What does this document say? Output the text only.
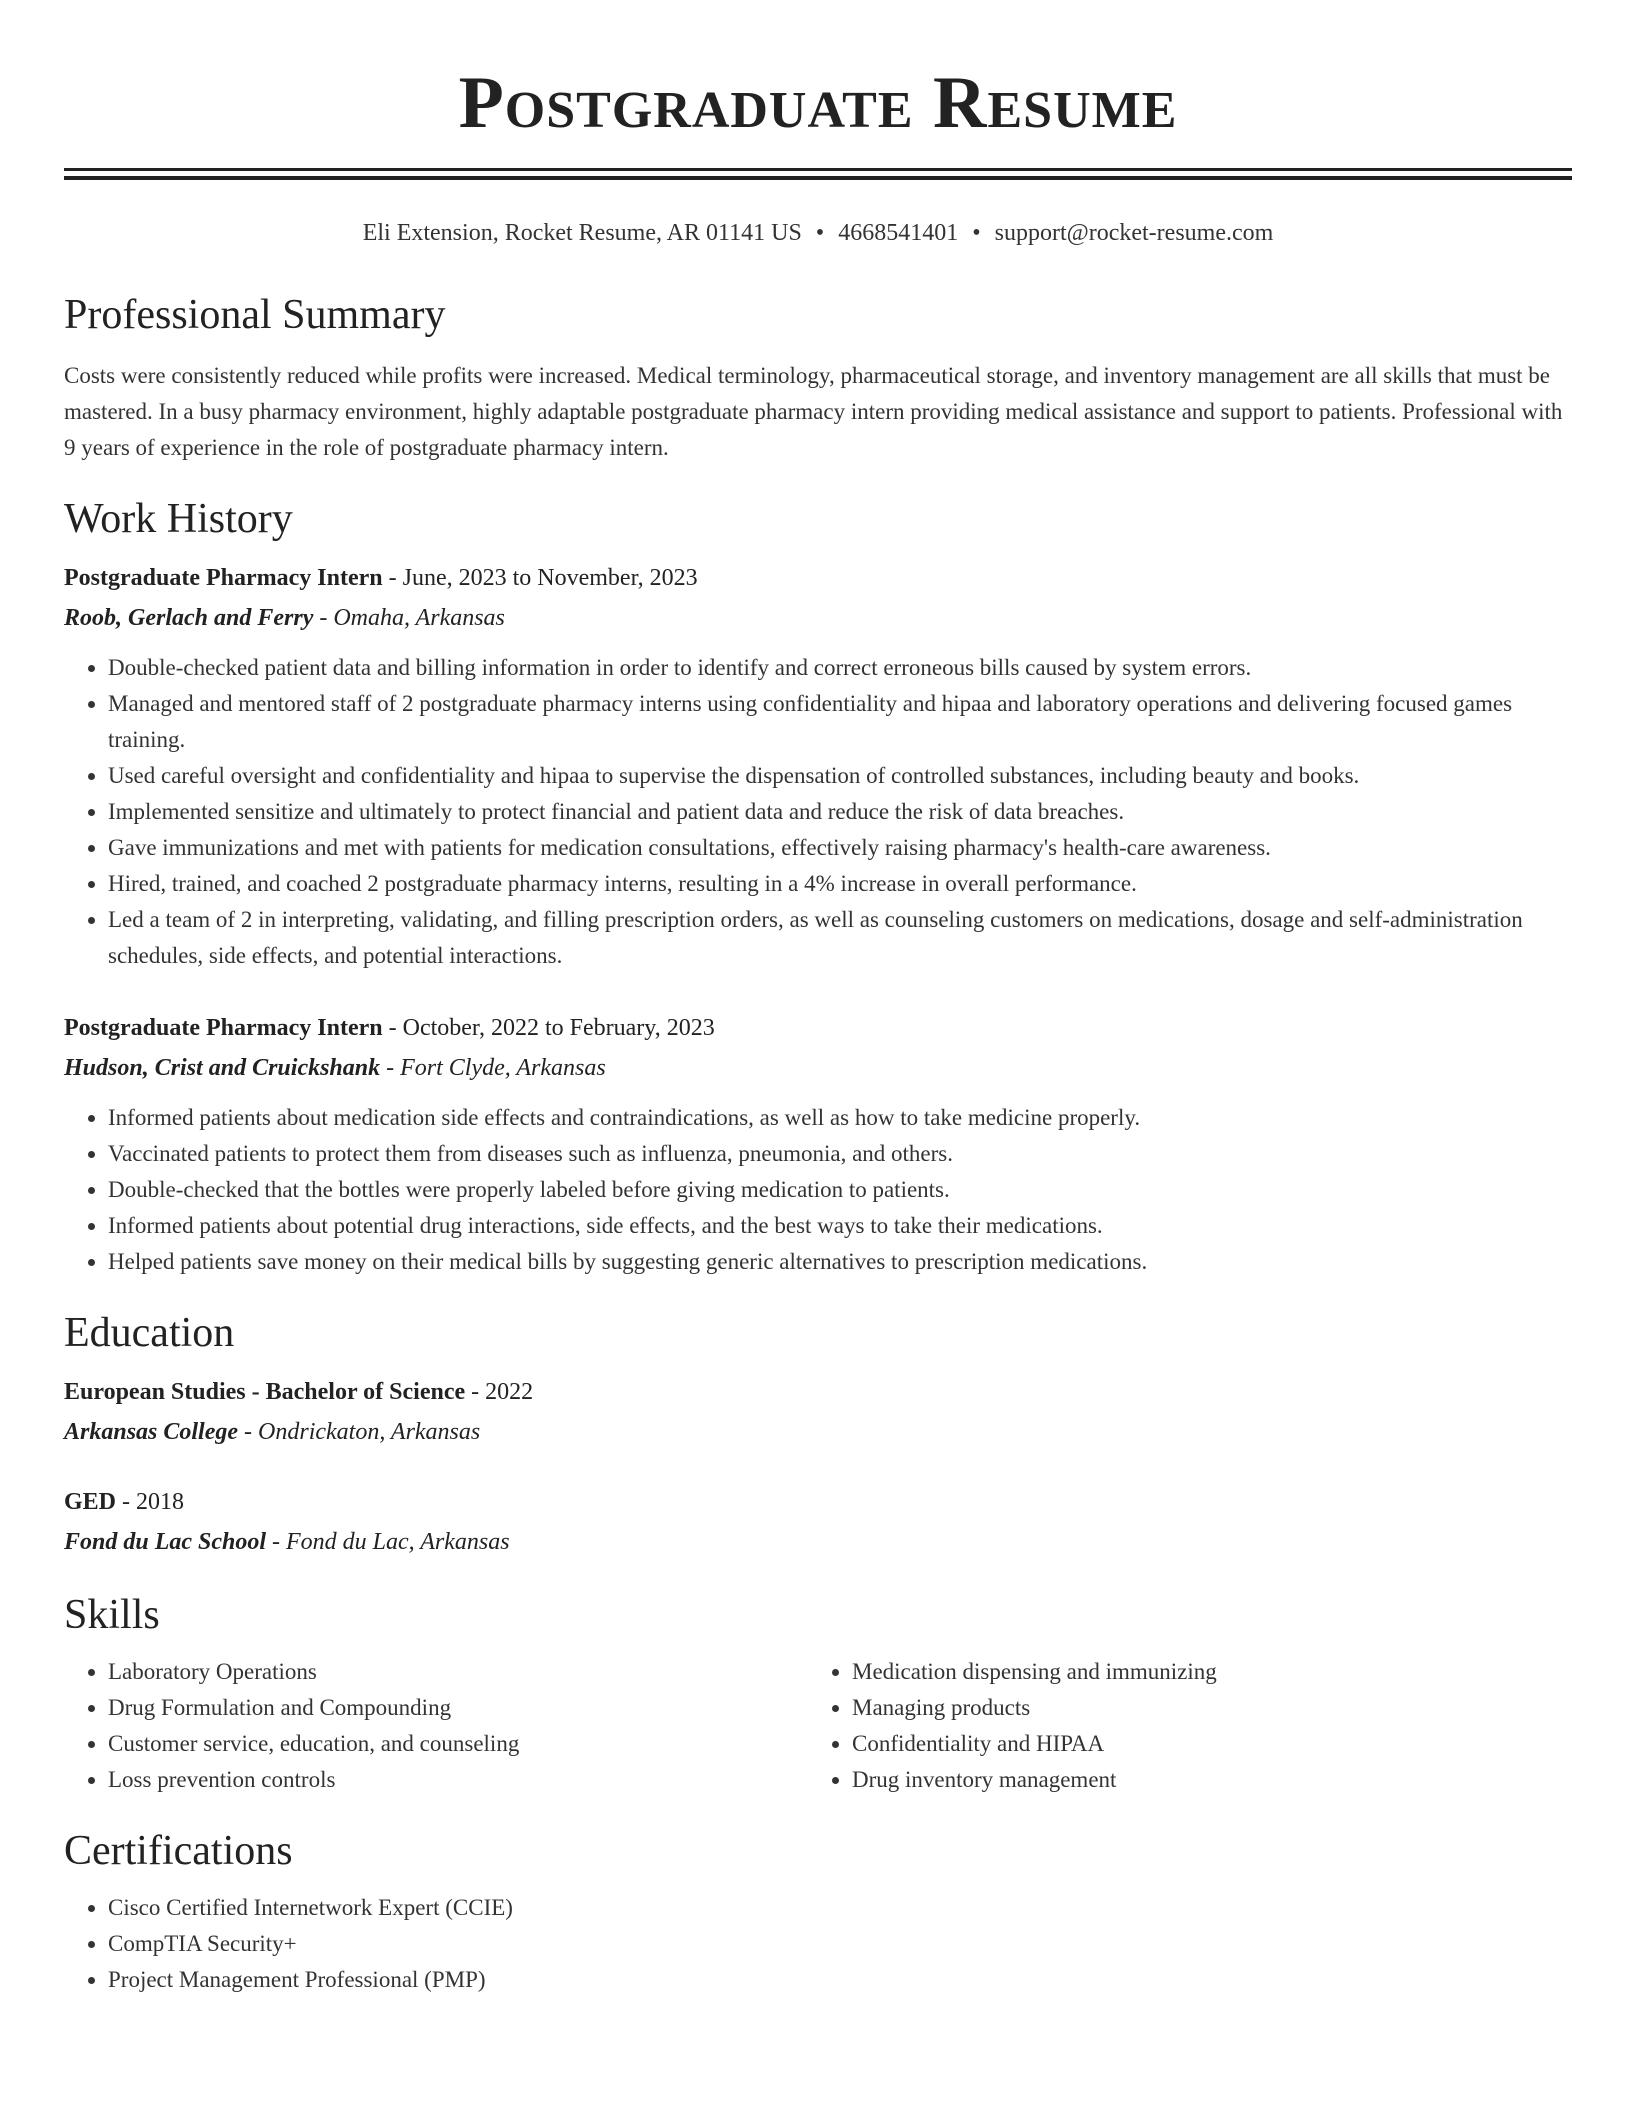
Postgraduate Resume
Eli Extension, Rocket Resume, AR 01141 US • 4668541401 • support@rocket-resume.com
Professional Summary

Costs were consistently reduced while profits were increased. Medical terminology, pharmaceutical storage, and inventory management are all skills that must be mastered. In a busy pharmacy environment, highly adaptable postgraduate pharmacy intern providing medical assistance and support to patients. Professional with 9 years of experience in the role of postgraduate pharmacy intern.

Work History
Postgraduate Pharmacy Intern - June, 2023 to November, 2023
Roob, Gerlach and Ferry - Omaha, Arkansas
• Double-checked patient data and billing information in order to identify and correct erroneous bills caused by system errors.
• Managed and mentored staff of 2 postgraduate pharmacy interns using confidentiality and hipaa and laboratory operations and delivering focused games training.
• Used careful oversight and confidentiality and hipaa to supervise the dispensation of controlled substances, including beauty and books.
• Implemented sensitize and ultimately to protect financial and patient data and reduce the risk of data breaches.
• Gave immunizations and met with patients for medication consultations, effectively raising pharmacy's health-care awareness.
• Hired, trained, and coached 2 postgraduate pharmacy interns, resulting in a 4% increase in overall performance.
• Led a team of 2 in interpreting, validating, and filling prescription orders, as well as counseling customers on medications, dosage and self-administration schedules, side effects, and potential interactions.
Postgraduate Pharmacy Intern - October, 2022 to February, 2023
Hudson, Crist and Cruickshank - Fort Clyde, Arkansas
• Informed patients about medication side effects and contraindications, as well as how to take medicine properly.
• Vaccinated patients to protect them from diseases such as influenza, pneumonia, and others.
• Double-checked that the bottles were properly labeled before giving medication to patients.
• Informed patients about potential drug interactions, side effects, and the best ways to take their medications.
• Helped patients save money on their medical bills by suggesting generic alternatives to prescription medications.
Education
European Studies - Bachelor of Science - 2022
Arkansas College - Ondrickaton, Arkansas
GED - 2018
Fond du Lac School - Fond du Lac, Arkansas
Skills
• Laboratory Operations
• Drug Formulation and Compounding
• Customer service, education, and counseling
• Loss prevention controls
• Medication dispensing and immunizing
• Managing products
• Confidentiality and HIPAA
• Drug inventory management
Certifications
• Cisco Certified Internetwork Expert (CCIE)
• CompTIA Security+
• Project Management Professional (PMP)
